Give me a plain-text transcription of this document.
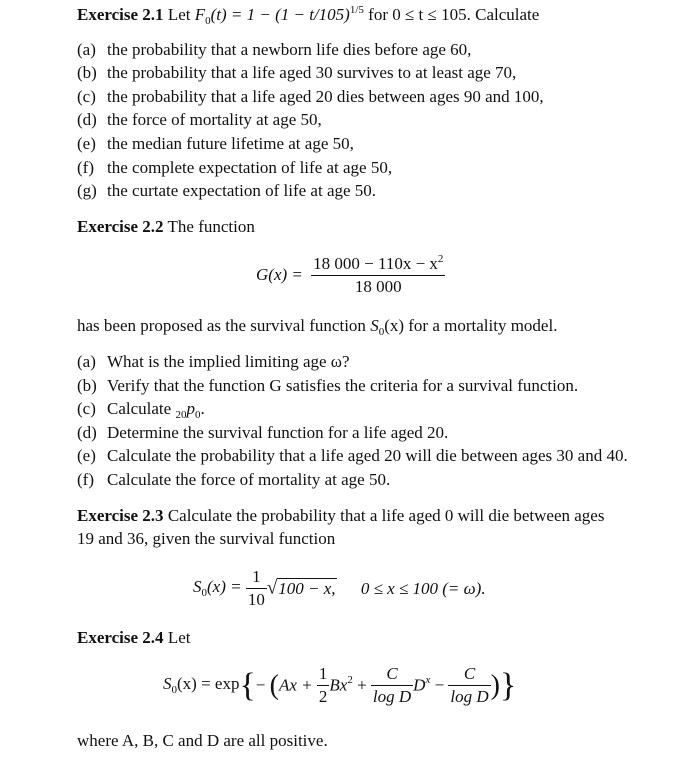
Exercise 2.1 Let $F_0(t) = 1 - (1 - t/105)^{1/5}$ for 0 ≤ t ≤ 105. Calculate
(a) the probability that a newborn life dies before age 60,
(b) the probability that a life aged 30 survives to at least age 70,
(c) the probability that a life aged 20 dies between ages 90 and 100,
(d) the force of mortality at age 50,
(e) the median future lifetime at age 50,
(f) the complete expectation of life at age 50,
(g) the curtate expectation of life at age 50.
Exercise 2.2 The function
$G(x) = \frac{18 000 - 110x - x^2}{18 000}$
has been proposed as the survival function $S_0(x)$ for a mortality model.
(a) What is the implied limiting age ω?
(b) Verify that the function G satisfies the criteria for a survival function.
(c) Calculate $_{20}p_0$.
(d) Determine the survival function for a life aged 20.
(e) Calculate the probability that a life aged 20 will die between ages 30 and 40.
(f) Calculate the force of mortality at age 50.
Exercise 2.3 Calculate the probability that a life aged 0 will die between ages
19 and 36, given the survival function
$S_0(x) = \frac{1}{10} √100 - x$, 0 ≤ x ≤ 100 (= ω).
Exercise 2.4 Let
$S_0(x) = \exp\{- (Ax + \frac{1}{2} Bx^2 + \frac{C}{\text{log D}} D^x - \frac{C}{\text{log D}}$ )}
where A, B, C and D are all positive.
